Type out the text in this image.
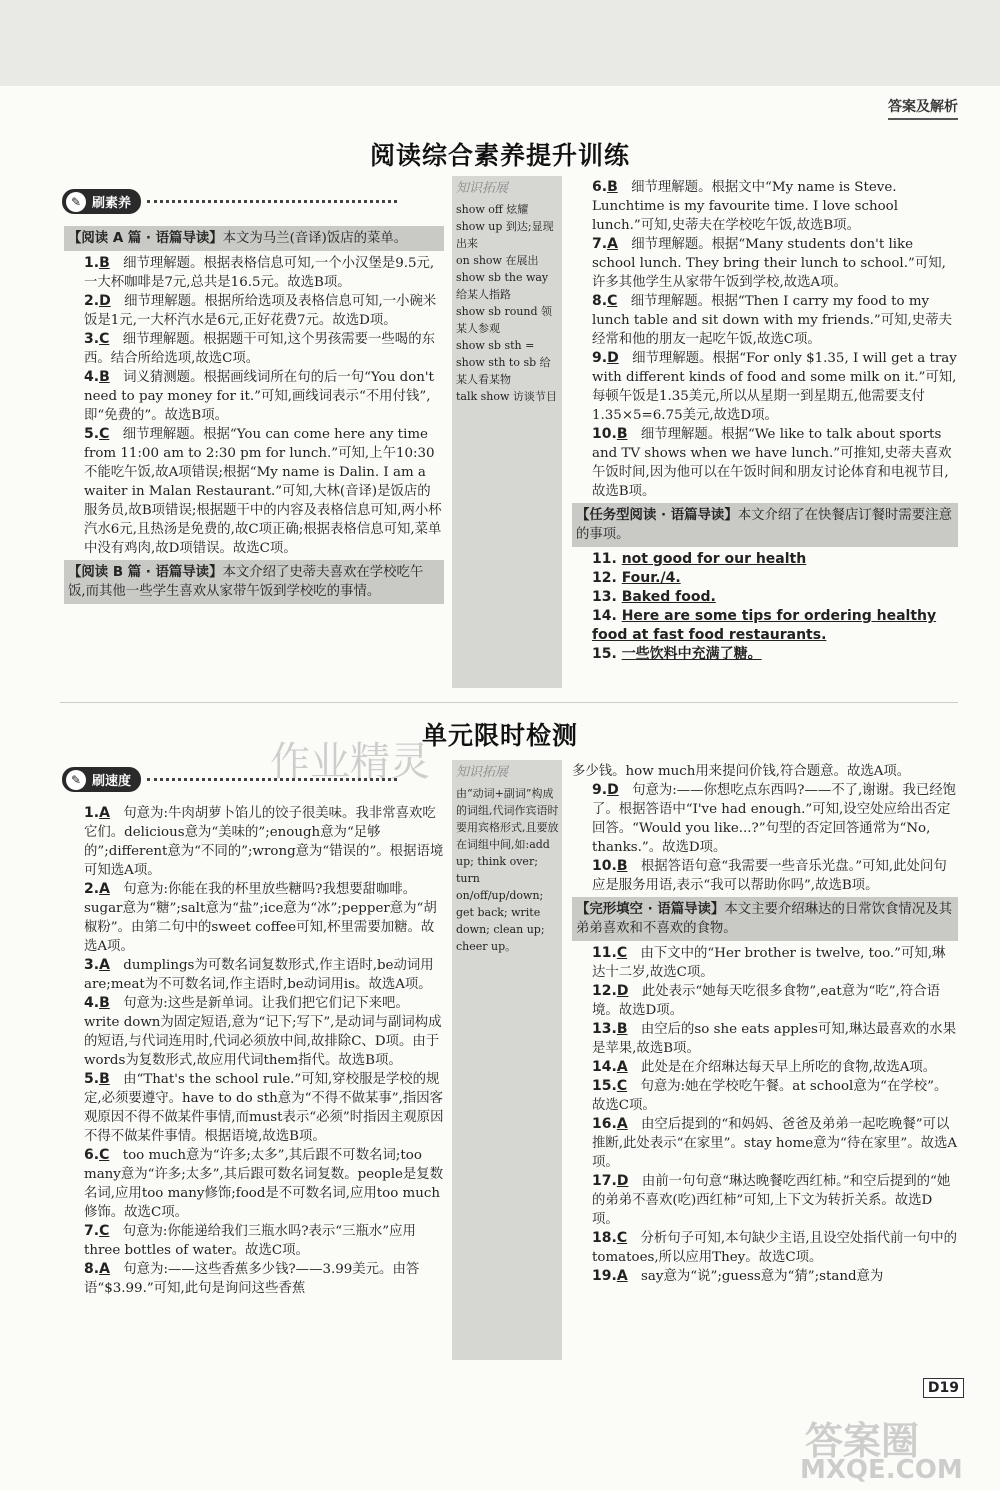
答案及解析
阅读综合素养提升训练
✎ 刷素养
【阅读 A 篇 · 语篇导读】本文为马兰(音译)饭店的菜单。

1.B 细节理解题。根据表格信息可知,一个小汉堡是9.5元,一大杯咖啡是7元,总共是16.5元。故选B项。

2.D 细节理解题。根据所给选项及表格信息可知,一小碗米饭是1元,一大杯汽水是6元,正好花费7元。故选D项。

3.C 细节理解题。根据题干可知,这个男孩需要一些喝的东西。结合所给选项,故选C项。

4.B 词义猜测题。根据画线词所在句的后一句“You don't need to pay money for it.”可知,画线词表示“不用付钱”,即“免费的”。故选B项。

5.C 细节理解题。根据“You can come here any time from 11:00 am to 2:30 pm for lunch.”可知,上午10:30不能吃午饭,故A项错误;根据“My name is Dalin. I am a waiter in Malan Restaurant.”可知,大林(音译)是饭店的服务员,故B项错误;根据题干中的内容及表格信息可知,两小杯汽水6元,且热汤是免费的,故C项正确;根据表格信息可知,菜单中没有鸡肉,故D项错误。故选C项。

【阅读 B 篇 · 语篇导读】本文介绍了史蒂夫喜欢在学校吃午饭,而其他一些学生喜欢从家带午饭到学校吃的事情。
知识拓展
show off 炫耀
show up 到达;显现出来
on show 在展出
show sb the way 给某人指路
show sb round 领某人参观
show sb sth = show sth to sb 给某人看某物
talk show 访谈节目

6.B 细节理解题。根据文中“My name is Steve. Lunchtime is my favourite time. I love school lunch.”可知,史蒂夫在学校吃午饭,故选B项。

7.A 细节理解题。根据“Many students don't like school lunch. They bring their lunch to school.”可知,许多其他学生从家带午饭到学校,故选A项。

8.C 细节理解题。根据“Then I carry my food to my lunch table and sit down with my friends.”可知,史蒂夫经常和他的朋友一起吃午饭,故选C项。

9.D 细节理解题。根据“For only $1.35, I will get a tray with different kinds of food and some milk on it.”可知,每顿午饭是1.35美元,所以从星期一到星期五,他需要支付1.35×5=6.75美元,故选D项。

10.B 细节理解题。根据“We like to talk about sports and TV shows when we have lunch.”可推知,史蒂夫喜欢午饭时间,因为他可以在午饭时间和朋友讨论体育和电视节目,故选B项。

【任务型阅读 · 语篇导读】本文介绍了在快餐店订餐时需要注意的事项。

11. not good for our health

12. Four./4.

13. Baked food.

14. Here are some tips for ordering healthy food at fast food restaurants.

15. 一些饮料中充满了糖。

单元限时检测
✎ 刷速度

1.A 句意为:牛肉胡萝卜馅儿的饺子很美味。我非常喜欢吃它们。delicious意为“美味的”;enough意为“足够的”;different意为“不同的”;wrong意为“错误的”。根据语境可知选A项。

2.A 句意为:你能在我的杯里放些糖吗?我想要甜咖啡。sugar意为“糖”;salt意为“盐”;ice意为“冰”;pepper意为“胡椒粉”。由第二句中的sweet coffee可知,杯里需要加糖。故选A项。

3.A dumplings为可数名词复数形式,作主语时,be动词用are;meat为不可数名词,作主语时,be动词用is。故选A项。

4.B 句意为:这些是新单词。让我们把它们记下来吧。write down为固定短语,意为“记下;写下”,是动词与副词构成的短语,与代词连用时,代词必须放中间,故排除C、D项。由于words为复数形式,故应用代词them指代。故选B项。

5.B 由“That's the school rule.”可知,穿校服是学校的规定,必须要遵守。have to do sth意为“不得不做某事”,指因客观原因不得不做某件事情,而must表示“必须”时指因主观原因不得不做某件事情。根据语境,故选B项。

6.C too much意为“许多;太多”,其后跟不可数名词;too many意为“许多;太多”,其后跟可数名词复数。people是复数名词,应用too many修饰;food是不可数名词,应用too much修饰。故选C项。

7.C 句意为:你能递给我们三瓶水吗?表示“三瓶水”应用three bottles of water。故选C项。

8.A 句意为:——这些香蕉多少钱?——3.99美元。由答语“$3.99.”可知,此句是询问这些香蕉

知识拓展
由“动词+副词”构成的词组,代词作宾语时要用宾格形式,且要放在词组中间,如:add up; think over; turn on/off/up/down; get back; write down; clean up; cheer up。

多少钱。how much用来提问价钱,符合题意。故选A项。

9.D 句意为:——你想吃点东西吗?——不了,谢谢。我已经饱了。根据答语中“I've had enough.”可知,设空处应给出否定回答。“Would you like...?”句型的否定回答通常为“No, thanks.”。故选D项。

10.B 根据答语句意“我需要一些音乐光盘。”可知,此处问句应是服务用语,表示“我可以帮助你吗”,故选B项。

【完形填空 · 语篇导读】本文主要介绍琳达的日常饮食情况及其弟弟喜欢和不喜欢的食物。

11.C 由下文中的“Her brother is twelve, too.”可知,琳达十二岁,故选C项。

12.D 此处表示“她每天吃很多食物”,eat意为“吃”,符合语境。故选D项。

13.B 由空后的so she eats apples可知,琳达最喜欢的水果是苹果,故选B项。

14.A 此处是在介绍琳达每天早上所吃的食物,故选A项。

15.C 句意为:她在学校吃午餐。at school意为“在学校”。故选C项。

16.A 由空后提到的“和妈妈、爸爸及弟弟一起吃晚餐”可以推断,此处表示“在家里”。stay home意为“待在家里”。故选A项。

17.D 由前一句句意“琳达晚餐吃西红柿。”和空后提到的“她的弟弟不喜欢(吃)西红柿”可知,上下文为转折关系。故选D项。

18.C 分析句子可知,本句缺少主语,且设空处指代前一句中的tomatoes,所以应用They。故选C项。

19.A say意为“说”;guess意为“猜”;stand意为

D19
作业精灵
答案圈
MXQE.COM
